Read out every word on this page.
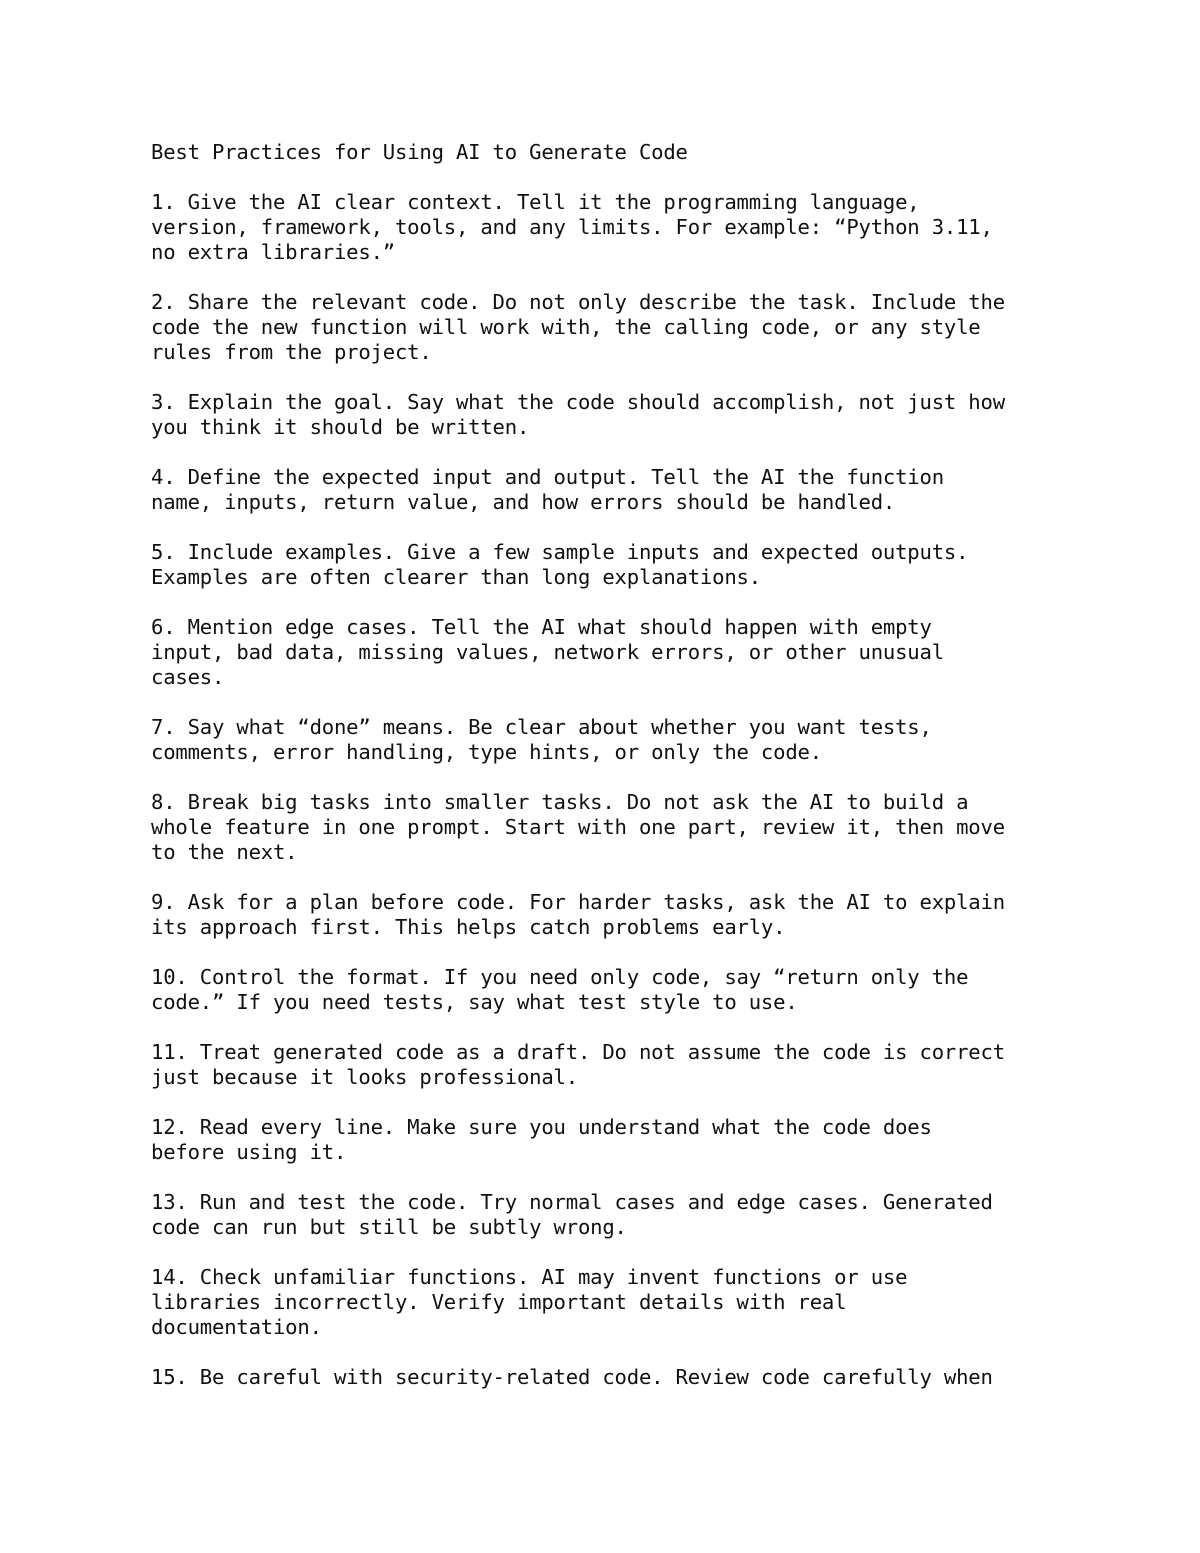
Best Practices for Using AI to Generate Code
1. Give the AI clear context. Tell it the programming language,
version, framework, tools, and any limits. For example: “Python 3.11,
no extra libraries.”
2. Share the relevant code. Do not only describe the task. Include the
code the new function will work with, the calling code, or any style
rules from the project.
3. Explain the goal. Say what the code should accomplish, not just how
you think it should be written.
4. Define the expected input and output. Tell the AI the function
name, inputs, return value, and how errors should be handled.
5. Include examples. Give a few sample inputs and expected outputs.
Examples are often clearer than long explanations.
6. Mention edge cases. Tell the AI what should happen with empty
input, bad data, missing values, network errors, or other unusual
cases.
7. Say what “done” means. Be clear about whether you want tests,
comments, error handling, type hints, or only the code.
8. Break big tasks into smaller tasks. Do not ask the AI to build a
whole feature in one prompt. Start with one part, review it, then move
to the next.
9. Ask for a plan before code. For harder tasks, ask the AI to explain
its approach first. This helps catch problems early.
10. Control the format. If you need only code, say “return only the
code.” If you need tests, say what test style to use.
11. Treat generated code as a draft. Do not assume the code is correct
just because it looks professional.
12. Read every line. Make sure you understand what the code does
before using it.
13. Run and test the code. Try normal cases and edge cases. Generated
code can run but still be subtly wrong.
14. Check unfamiliar functions. AI may invent functions or use
libraries incorrectly. Verify important details with real
documentation.
15. Be careful with security-related code. Review code carefully when
